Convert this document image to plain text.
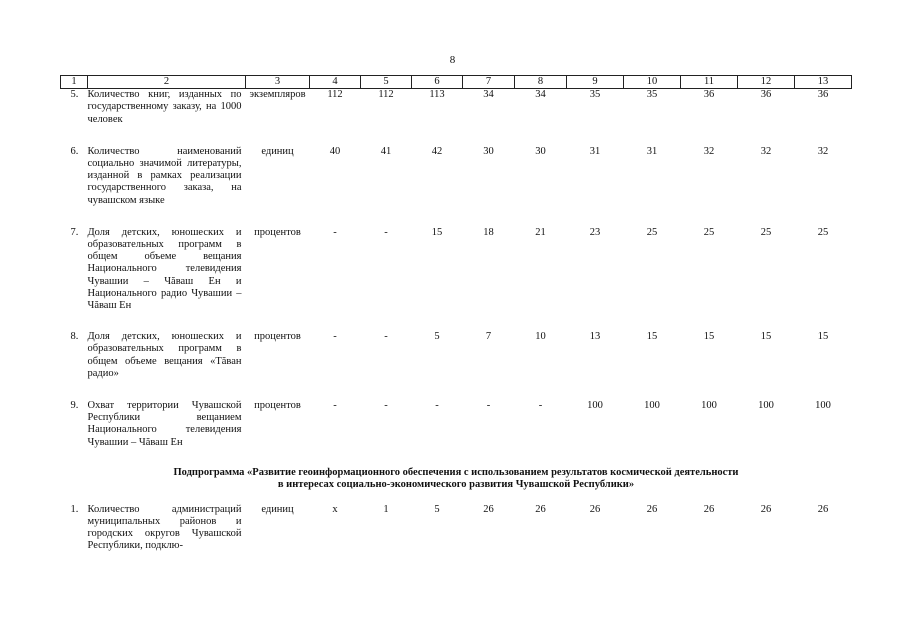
8
1	2	3	4	5	6	7	8	9	10	11	12	13
5.	Количество книг, изданных по государственному заказу, на 1000 человек	экземпляров	112	112	113	34	34	35	35	36	36	36
6.	Количество наименований социально значимой литературы, изданной в рамках реализации государственного заказа, на чувашском языке	единиц	40	41	42	30	30	31	31	32	32	32
7.	Доля детских, юношеских и образовательных программ в общем объеме вещания Национального телевидения Чувашии – Чăваш Ен и Национального радио Чувашии – Чăваш Ен	процентов	-	-	15	18	21	23	25	25	25	25
8.	Доля детских, юношеских и образовательных программ в общем объеме вещания «Тăван радио»	процентов	-	-	5	7	10	13	15	15	15	15
9.	Охват территории Чувашской Республики вещанием Национального телевидения Чувашии – Чăваш Ен	процентов	-	-	-	-	-	100	100	100	100	100
Подпрограмма «Развитие геоинформационного обеспечения с использованием результатов космической деятельности в интересах социально-экономического развития Чувашской Республики»												
1.	Количество администраций муниципальных районов и городских округов Чувашской Республики, подклю-	единиц	х	1	5	26	26	26	26	26	26	26
